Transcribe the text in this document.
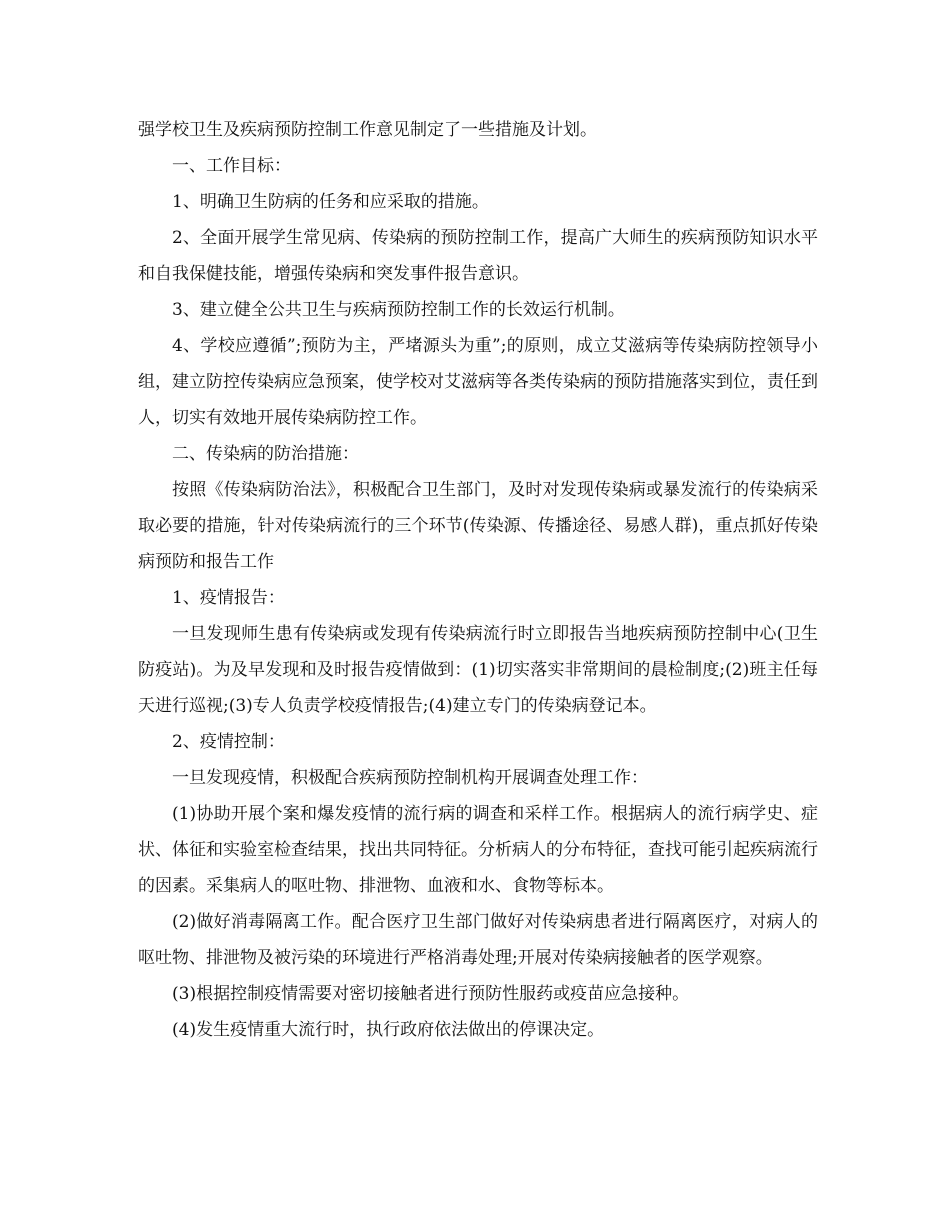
强学校卫生及疾病预防控制工作意见制定了一些措施及计划。

一、工作目标：

1、明确卫生防病的任务和应采取的措施。

2、全面开展学生常见病、传染病的预防控制工作，提高广大师生的疾病预防知识水平和自我保健技能，增强传染病和突发事件报告意识。

3、建立健全公共卫生与疾病预防控制工作的长效运行机制。

4、学校应遵循”;预防为主，严堵源头为重”;的原则，成立艾滋病等传染病防控领导小组，建立防控传染病应急预案，使学校对艾滋病等各类传染病的预防措施落实到位，责任到人，切实有效地开展传染病防控工作。

二、传染病的防治措施：

按照《传染病防治法》，积极配合卫生部门，及时对发现传染病或暴发流行的传染病采取必要的措施，针对传染病流行的三个环节(传染源、传播途径、易感人群)，重点抓好传染病预防和报告工作

1、疫情报告：

一旦发现师生患有传染病或发现有传染病流行时立即报告当地疾病预防控制中心(卫生防疫站)。为及早发现和及时报告疫情做到：(1)切实落实非常期间的晨检制度;(2)班主任每天进行巡视;(3)专人负责学校疫情报告;(4)建立专门的传染病登记本。

2、疫情控制：

一旦发现疫情，积极配合疾病预防控制机构开展调查处理工作：

(1)协助开展个案和爆发疫情的流行病的调查和采样工作。根据病人的流行病学史、症状、体征和实验室检查结果，找出共同特征。分析病人的分布特征，查找可能引起疾病流行的因素。采集病人的呕吐物、排泄物、血液和水、食物等标本。

(2)做好消毒隔离工作。配合医疗卫生部门做好对传染病患者进行隔离医疗，对病人的呕吐物、排泄物及被污染的环境进行严格消毒处理;开展对传染病接触者的医学观察。

(3)根据控制疫情需要对密切接触者进行预防性服药或疫苗应急接种。

(4)发生疫情重大流行时，执行政府依法做出的停课决定。
